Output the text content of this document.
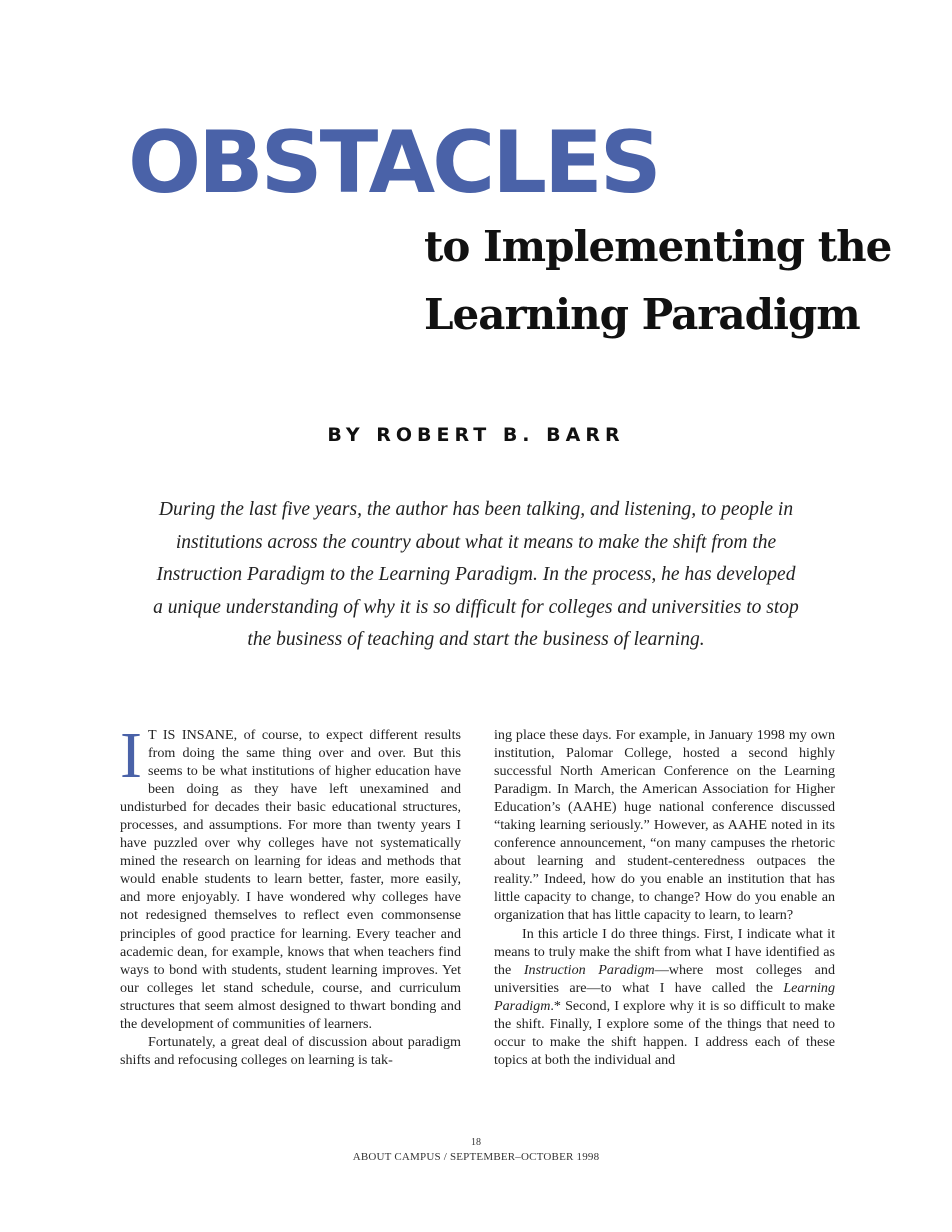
OBSTACLES
to Implementing the
Learning Paradigm
BY ROBERT B. BARR

During the last five years, the author has been talking, and listening, to people in institutions across the country about what it means to make the shift from the Instruction Paradigm to the Learning Paradigm. In the process, he has developed a unique understanding of why it is so difficult for colleges and universities to stop the business of teaching and start the business of learning.

I T IS INSANE, of course, to expect different results from doing the same thing over and over. But this seems to be what institutions of higher education have been doing as they have left unexamined and undisturbed for decades their basic educational structures, processes, and assumptions. For more than twenty years I have puzzled over why colleges have not systematically mined the research on learning for ideas and methods that would enable students to learn better, faster, more easily, and more enjoyably. I have wondered why colleges have not redesigned themselves to reflect even commonsense principles of good practice for learning. Every teacher and academic dean, for example, knows that when teachers find ways to bond with students, student learning improves. Yet our colleges let stand schedule, course, and curriculum structures that seem almost designed to thwart bonding and the development of communities of learners.

Fortunately, a great deal of discussion about paradigm shifts and refocusing colleges on learning is tak-

ing place these days. For example, in January 1998 my own institution, Palomar College, hosted a second highly successful North American Conference on the Learning Paradigm. In March, the American Association for Higher Education’s (AAHE) huge national conference discussed “taking learning seriously.” However, as AAHE noted in its conference announcement, “on many campuses the rhetoric about learning and student-centeredness outpaces the reality.” Indeed, how do you enable an institution that has little capacity to change, to change? How do you enable an organization that has little capacity to learn, to learn?

In this article I do three things. First, I indicate what it means to truly make the shift from what I have identified as the Instruction Paradigm—where most colleges and universities are—to what I have called the Learning Paradigm.* Second, I explore why it is so difficult to make the shift. Finally, I explore some of the things that need to occur to make the shift happen. I address each of these topics at both the individual and

18
ABOUT CAMPUS / SEPTEMBER–OCTOBER 1998
